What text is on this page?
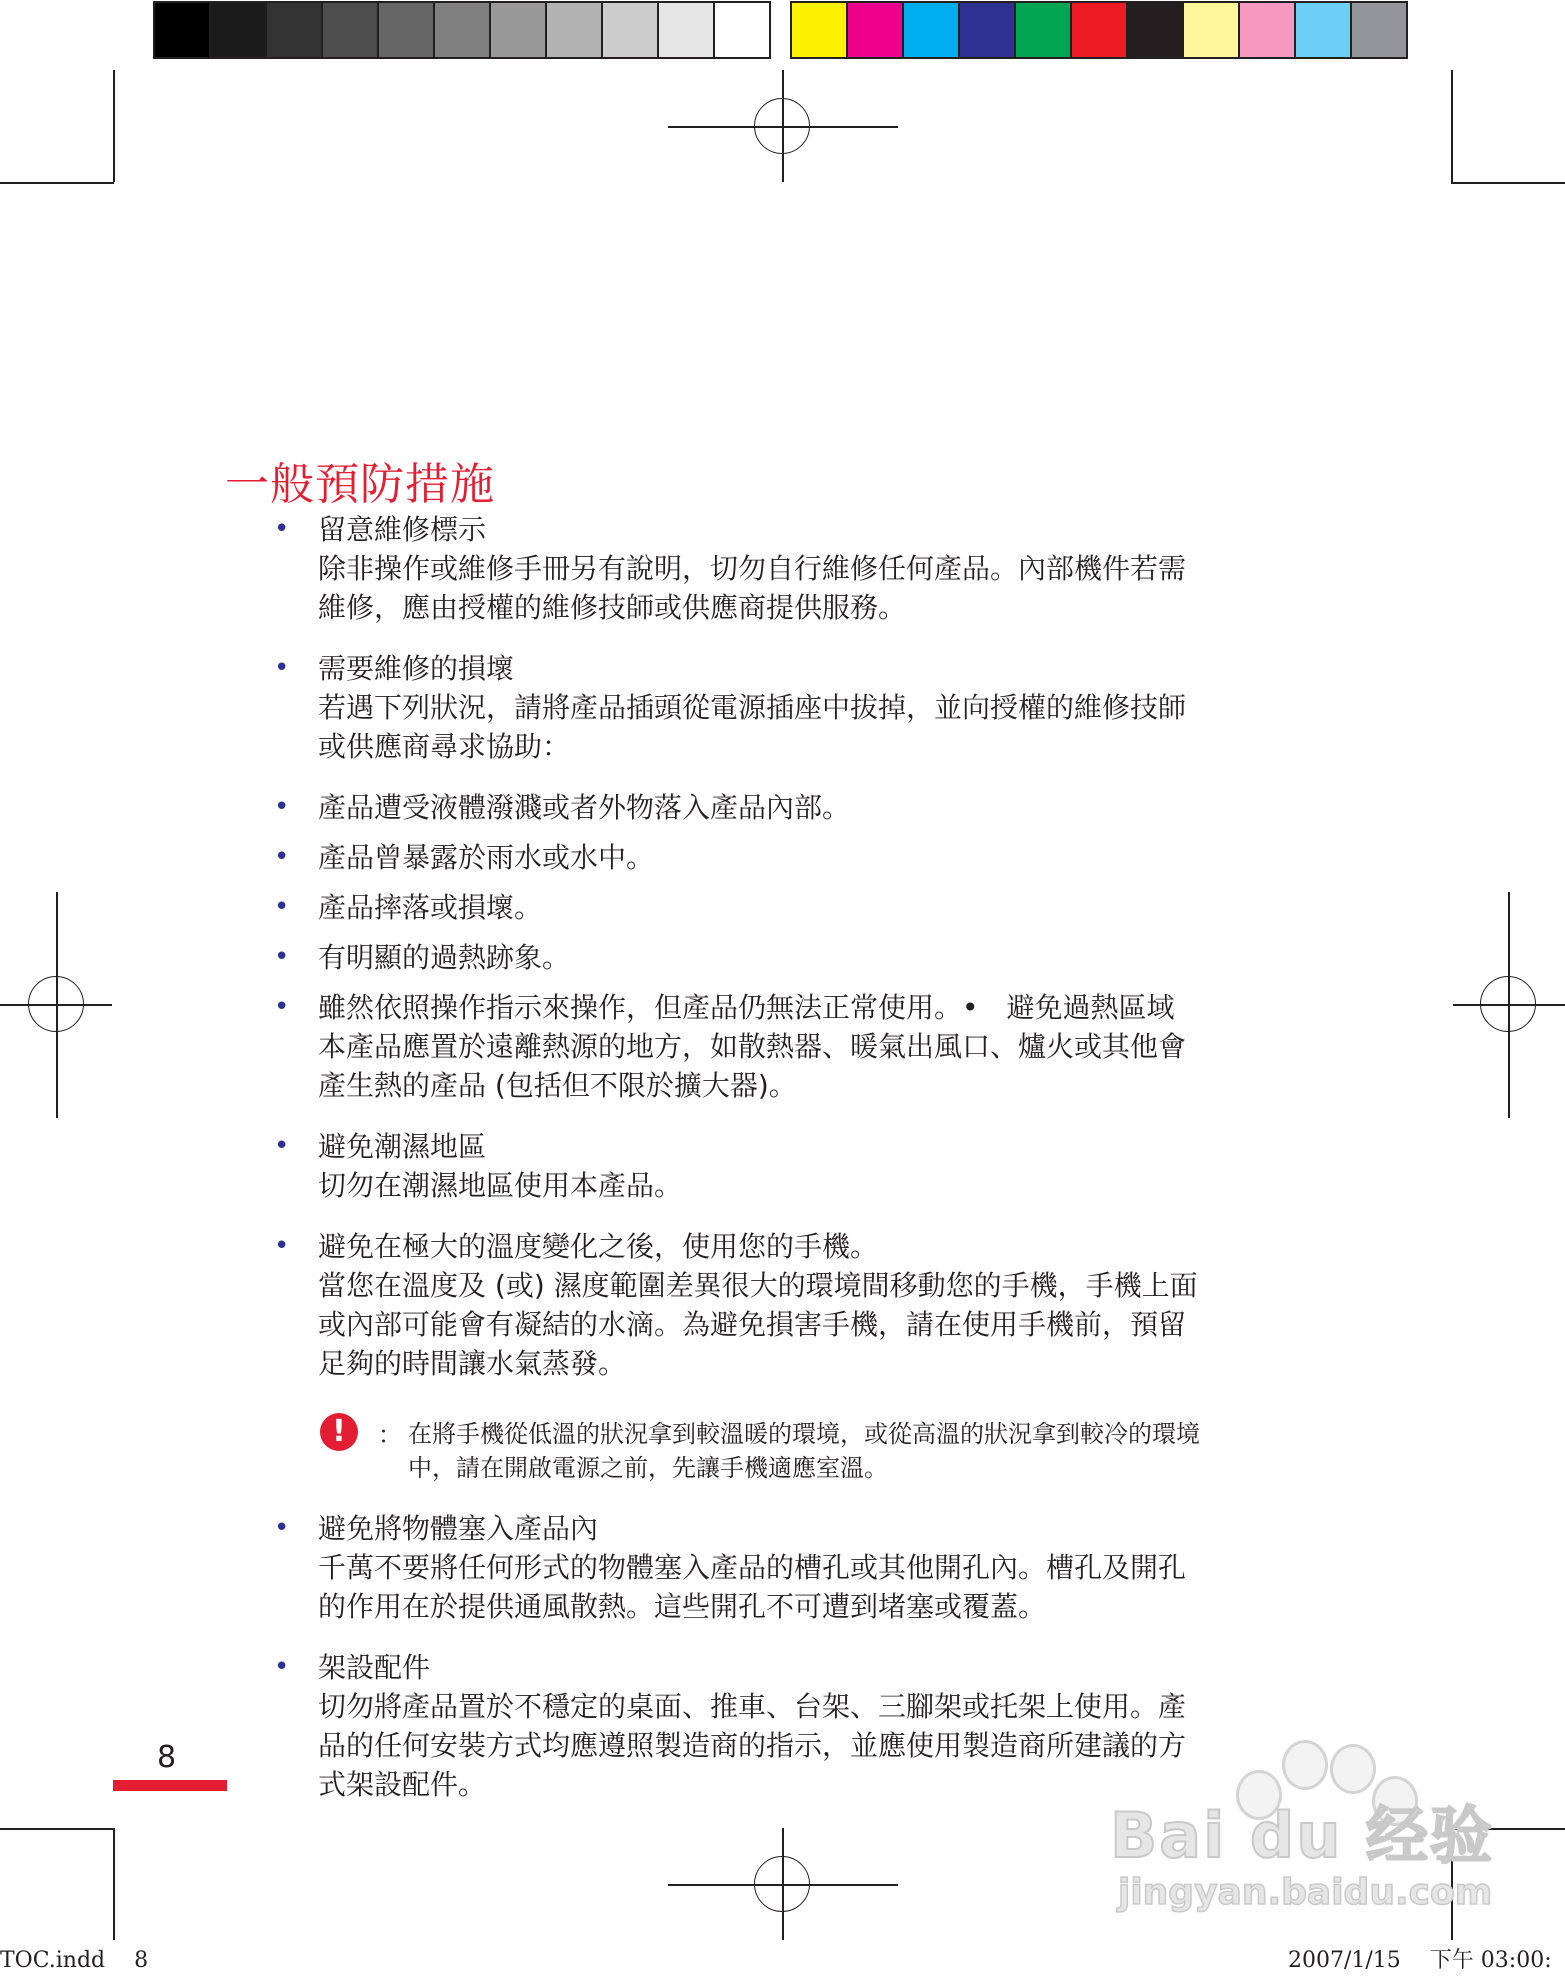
一般預防措施
• 留意維修標示
除非操作或維修手冊另有說明，切勿自行維修任何產品。內部機件若需
維修，應由授權的維修技師或供應商提供服務。
• 需要維修的損壞
若遇下列狀況，請將產品插頭從電源插座中拔掉，並向授權的維修技師
或供應商尋求協助：
• 產品遭受液體潑濺或者外物落入產品內部。
• 產品曾暴露於雨水或水中。
• 產品摔落或損壞。
• 有明顯的過熱跡象。
• 雖然依照操作指示來操作，但產品仍無法正常使用。•　避免過熱區域
本產品應置於遠離熱源的地方，如散熱器、暖氣出風口、爐火或其他會
產生熱的產品 (包括但不限於擴大器)。
• 避免潮濕地區
切勿在潮濕地區使用本產品。
• 避免在極大的溫度變化之後，使用您的手機。
當您在溫度及 (或) 濕度範圍差異很大的環境間移動您的手機，手機上面
或內部可能會有凝結的水滴。為避免損害手機，請在使用手機前，預留
足夠的時間讓水氣蒸發。
!	： 在將手機從低溫的狀況拿到較溫暖的環境，或從高溫的狀況拿到較冷的環境
中，請在開啟電源之前，先讓手機適應室溫。
• 避免將物體塞入產品內
千萬不要將任何形式的物體塞入產品的槽孔或其他開孔內。槽孔及開孔
的作用在於提供通風散熱。這些開孔不可遭到堵塞或覆蓋。
• 架設配件
切勿將產品置於不穩定的桌面、推車、台架、三腳架或托架上使用。產
品的任何安裝方式均應遵照製造商的指示，並應使用製造商所建議的方
式架設配件。
8
Bai du 经验
jingyan.baidu.com
TOC.indd　 8	2007/1/15　 下午 03:00:
